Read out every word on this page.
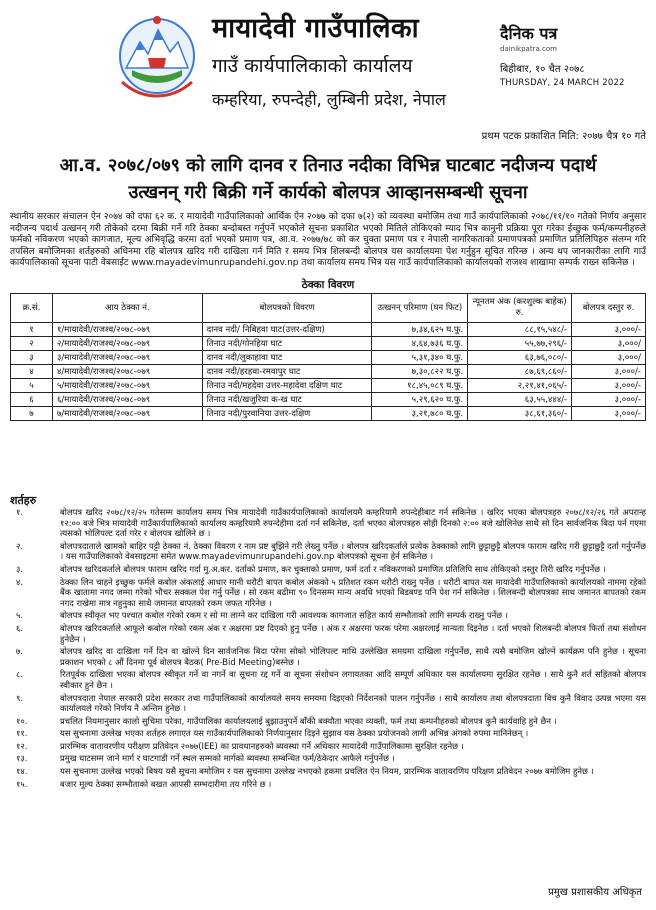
मायादेवी गाउँपालिका
गाउँ कार्यपालिकाको कार्यालय
कम्हरिया, रुपन्देही, लुम्बिनी प्रदेश, नेपाल
दैनिक पत्र
dainikpatra.com
बिहीबार, १० चैत २०७८
THURSDAY, 24 MARCH 2022
प्रथम पटक प्रकाशित मिति: २०७७ चैत्र १० गते
आ.व. २०७८/०७९ को लागि दानव र तिनाउ नदीका विभिन्न घाटबाट नदीजन्य पदार्थ
उत्खनन् गरी बिक्री गर्ने कार्यको बोलपत्र आव्हानसम्बन्धी सूचना
स्थानीय सरकार संचालन ऐन २०७४ को दफा ६२ क. र मायादेवी गाउँपालिकाको आर्थिक ऐन २०७७ को दफा ७(२) को व्यवस्था बमोजिम तथा गाउँ कार्यपालिकाको २०७८/११/१० गतेको निर्णय अनुसार नदीजन्य पदार्थ उत्खनन् गरी तोकेको दरमा बिक्री गर्ने गरि ठेक्का बन्दोबस्त गर्नुपर्ने भएकोले सूचना प्रकाशित भएको मितिले तोकिएको म्याद भित्र कानुनी प्रक्रिया पूरा गरेका ईच्छुक फर्म/कम्पनीहरुले फर्मको नविकरण भएको कागजात, मूल्य अभिवृद्धि करमा दर्ता भएको प्रमाण पत्र, आ.व. २०७७/७८ को कर चुक्ता प्रमाण पत्र र नेपाली नागरिकताको प्रमाणपत्रको प्रमाणित प्रतिलिपिहरु संलग्न गरि तपसिल बमोजिमका शर्तहरुको अधिनमा रहि बोलपत्र खरिद गरी दाखिला गर्न मिति र समय भित्र शिलबन्दी बोलपत्र यस कार्यालयमा पेश गर्नुहुन सूचित गरिन्छ । अन्य थप जानकारीका लागि गाउँ कार्यपालिकाको सूचना पाटी वेबसाईट www.mayadevimunrupandehi.gov.np तथा कार्यालय समय भित्र यस गाउँ कार्यपालिकाको कार्यालयको राजश्व शाखामा सम्पर्क राख्न सकिनेछ ।
ठेक्का विवरण
क्र.सं.	आय ठेक्का नं.	बोलपत्रको विवरण	उत्खनन् परिमाण (घन फिट)	न्यूनतम अंक (करशुल्क बाहेक) रु.	बोलपत्र दस्तुर रु.
१	१/मायादेवी/राजश्व/२०७८-०७९	दानव नदी/ निबिहवा घाट(उत्तर-दक्षिण)	७,३४,६२५ घ.फु.	८८,१५,५४८/-	३,०००/-
२	२/मायादेवी/राजश्व/२०७८-०७९	तिनाउ नदी/गोनहिया घाट	४,६४,७३६ घ.फु.	५५,७७,२९६/-	३,०००/
३	३/मायादेवी/राजश्व/२०७८-०७९	दानव नदी/लुकाहावा घाट	५,३१,३४० घ.फु.	६३,७६,०८०/-	३,०००/
४	४/मायादेवी/राजश्व/२०७८-०७९	दानव नदी/हरहवा-रमवापुर घाट	७,३०,८२२ घ.फु.	८७,६९,८६०/-	३,०००/-
५	५/मायादेवी/राजश्व/२०७८-०७९	तिनाउ नदी/महदेवा उत्तर-महादेवा दक्षिण घाट	१८,४५,०८९ घ.फु.	२,२१,४१,०६५/-	३,०००/-
६	६/मायादेवी/राजश्व/२०७८-०७९	तिनाउ नदी/खजुरिया क-ख घाट	५,२९,६२० घ.फु.	६३,५५,४४४/-	३,०००/-
७	७/मायादेवी/राजश्व/२०७८-०७९	तिनाउ नदी/पुरवानिया उत्तर-दक्षिण	३,२१,७८० घ.फु.	३८,६१,३६०/-	३,०००/-
शर्तहरु
१.	बोलपत्र खरिद २०७८/१२/२५ गतेसम्म कार्यालय समय भित्र मायादेवी गाउँकार्यपालिकाको कार्यालयमै कम्हरियामै रुपन्देहीबाट गर्न सकिनेछ । खरिद भएका बोलपत्रहरु २०७८/१२/२६ गते अपरान्ह १२:०० बजे भित्र मायादेवी गाउँकार्यपालिकाको कार्यालय कम्हरियामै रुपन्देहीमा दर्ता गर्न सकिनेछ, दर्ता भएका बोलपत्रहरु सोही दिनको २:०० बजे खोलिनेछ साथै सो दिन सार्वजनिक बिदा पर्न गएमा त्यसको भोलिपल्ट दर्ता गरेर र बोलपत्र खोलिने छ ।
२.	बोलपत्रदाताले खामको बाहिर पट्टी ठेक्का नं. ठेक्का विवरण र नाम प्रष्ट बुझिने गरी लेख्नु पर्नेछ । बोलपत्र खरिदकर्ताले प्रत्येक ठेक्काको लागि छुट्टाछुट्टै बोलपत्र फाराम खरिद गरी छुट्टाछुट्टै दर्ता गर्नुपर्नेछ । यस गाउँपालिकाको वेबसाइटमा समेत www.mayadevimunrupandehi.gov.np बोलपत्रको सूचना हेर्न सकिनेछ ।
३.	बोलपत्र खरिदकर्ताले बोलपत्र फाराम खरिद गर्दा मु.अ.कर. दर्ताको प्रमाण, कर चुक्ताको प्रमाण, फर्म दर्ता र नविकरणको प्रमाणित प्रतिलिपि साथ तोकिएको दस्तुर तिरी खरिद गर्नुपर्नेछ ।
४.	ठेक्का लिन चाहने इच्छुक फर्मले कबोल अंकलाई आधार मानी धरौटी बापत कबोल अंकको ५ प्रतिशत रकम धरौटी राख्नु पर्नेछ । धरौटी बापत यस मायादेवी गाउँपालिकाको कार्यालयको नाममा रहेको बैंक खातामा नगद जम्मा गरेको भौचर सक्कल पेश गर्नु पर्नेछ । सो रकम बढीमा ९० दिनसम्म मान्य अवधि भएको बिडबण्ड पनि पेश गर्न सकिनेछ । शिलबन्दी बोलपत्रका साथ जमानत बापतको रकम नगद राखेमा मात्र नहुनुका साथै जमानत बापतको रकम जफत गरिनेछ ।
५.	बोलपत्र स्वीकृत भए पश्चात कबोल गरेको रकम र सो मा लाग्ने कर दाखिला गरी आवश्यक कागजात सहित कार्य सम्भौताको लागि सम्पर्क राख्नु पर्नेछ ।
६.	बोलपत्र खरिदकर्ताले आफूले कबोल गरेको रकम अंक र अक्षरमा प्रष्ट दिएको हुनु पर्नेछ । अंक र अक्षरमा फरक परेमा अक्षरलाई मान्यता दिइनेछ । दर्ता भएको शिलबन्दी बोलपत्र फिर्ता तथा संशोधन हुनेछैन ।
७.	बोलपत्र खरिद वा दाखिला गर्ने दिन वा खोल्ने दिन सार्वजनिक बिदा परेमा सोको भोलिपल्ट माथि उल्लेखित समयमा दाखिला गर्नुपर्नेछ, साथै त्यसै बमोजिम खोल्ने कार्यक्रम पनि हुनेछ । सूचना प्रकाशन भएको ८ औं दिनमा पूर्व बोलपत्र बैठक( Pre-Bid Meeting)बस्नेछ ।
८.	रितपूर्वक दाखिला भएका बोलपत्र स्वीकृत गर्ने वा नगर्ने वा सूचना रद्द गर्ने वा सूचना संशोधन लगायतका आदि सम्पूर्ण अधिकार यस कार्यालयमा सुरक्षित रहनेछ । साथै कुनै शर्त सहितको बोलपत्र स्वीकार हुने छैन ।
९.	बोलपत्रदाता नेपाल सरकारी प्रदेश सरकार तथा गाउँपालिकाको कार्यालयले समय समयमा दिइएको निर्देशनको पालन गर्नुपर्नेछ । साथै कार्यालय तथा बोलपत्रदाता बिच कुनै विवाद उत्पन्न भएमा यस कार्यालयले गरेको निर्णय नै अन्तिम हुनेछ ।
१०.	प्रचलित नियमानुसार कालो सुचिमा परेका, गाउँपालिका कार्यालयलाई बुझाउनुपर्ने बाँकी बक्यौता भएका व्यक्ती, फर्म तथा कम्पनीहरुको बोलपत्र कुनै कार्यवाहि हुने छैन ।
११.	यस सुचनामा उल्लेख भएका शर्तहरु लगाएत यस गाउँकार्यपालिकाको निर्णयानुसार दिइने सुझाव यस ठेक्का प्रयोजनको लागी अभिन्न अंगको रुपमा मानिनेछन् ।
१२.	प्रारम्भिक वातावरणीय परीक्षण प्रतिवेदन २०७७(IEE) का प्रावधानहरुको ब्यवस्था गर्ने अधिकार मायादेवी गाउँपालिकामा सुरक्षित रहनेछ ।
१३.	प्रमुख घाटसम्म जाने मार्ग र घाटगाडी गर्ने स्थल सम्मको मार्गको ब्यवस्था सम्बन्धित फर्म/ठेकेदार आफैले गर्नुपर्नेछ ।
१४.	यस सुचनामा उल्लेख भएको बिषय यसै सुचना बमोजिम र यस सुचनामा उल्लेख नभएको हकमा प्रचलित ऐन नियम, प्रारम्भिक वातावरणिय परिक्षण प्रतिवेदन २०७७ बमोजिम हुनेछ ।
१५.	बजार मूल्य ठेक्का सम्भौताको बखत आपसी सम्भदारीमा तय गरिने छ ।
प्रमुख प्रशासकीय अधिकृत
